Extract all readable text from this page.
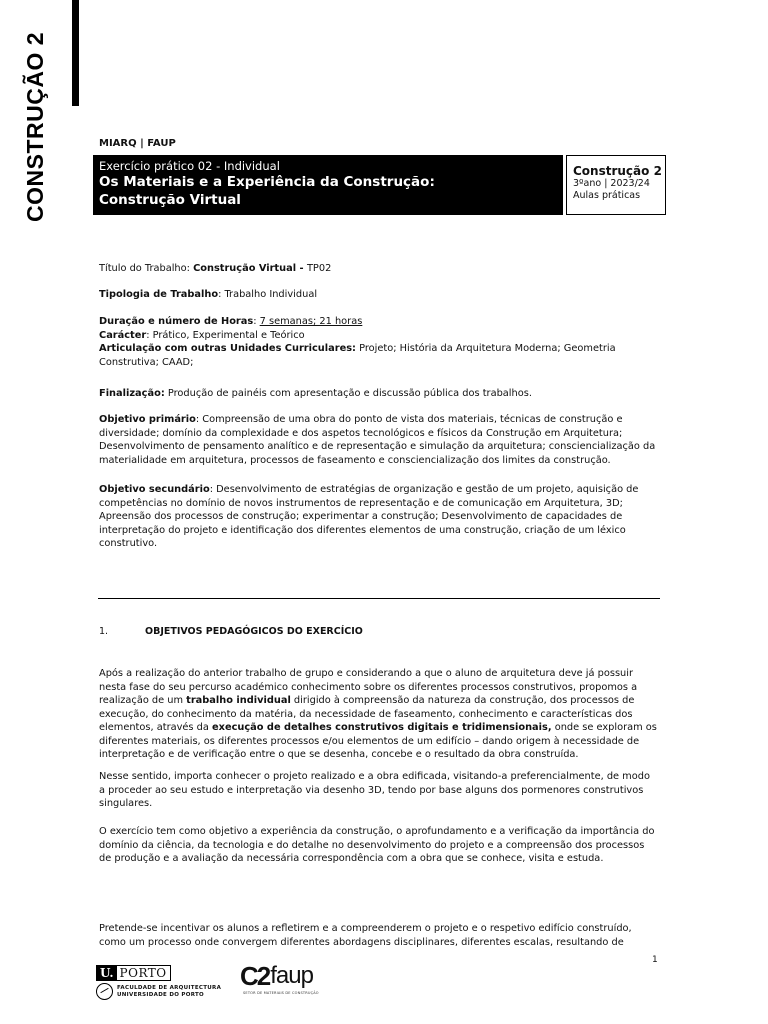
CONSTRUÇÃO 2	MIARQ | FAUP
Exercício prático 02 - Individual
Os Materiais e a Experiência da Construção:
Construção Virtual
Construção 2
3ºano | 2023/24
Aulas práticas
Título do Trabalho: Construção Virtual - TP02
Tipologia de Trabalho: Trabalho Individual
Duração e número de Horas: 7 semanas; 21 horas
Carácter: Prático, Experimental e Teórico
Articulação com outras Unidades Curriculares: Projeto; História da Arquitetura Moderna; Geometria Construtiva; CAAD;
Finalização: Produção de painéis com apresentação e discussão pública dos trabalhos.
Objetivo primário: Compreensão de uma obra do ponto de vista dos materiais, técnicas de construção e diversidade; domínio da complexidade e dos aspetos tecnológicos e físicos da Construção em Arquitetura; Desenvolvimento de pensamento analítico e de representação e simulação da arquitetura; consciencialização da materialidade em arquitetura, processos de faseamento e consciencialização dos limites da construção.
Objetivo secundário: Desenvolvimento de estratégias de organização e gestão de um projeto, aquisição de competências no domínio de novos instrumentos de representação e de comunicação em Arquitetura, 3D; Apreensão dos processos de construção; experimentar a construção; Desenvolvimento de capacidades de interpretação do projeto e identificação dos diferentes elementos de uma construção, criação de um léxico construtivo.
1.	OBJETIVOS PEDAGÓGICOS DO EXERCÍCIO
Após a realização do anterior trabalho de grupo e considerando a que o aluno de arquitetura deve já possuir nesta fase do seu percurso académico conhecimento sobre os diferentes processos construtivos, propomos a realização de um trabalho individual dirigido à compreensão da natureza da construção, dos processos de execução, do conhecimento da matéria, da necessidade de faseamento, conhecimento e características dos elementos, através da execução de detalhes construtivos digitais e tridimensionais, onde se exploram os diferentes materiais, os diferentes processos e/ou elementos de um edifício – dando origem à necessidade de interpretação e de verificação entre o que se desenha, concebe e o resultado da obra construída.
Nesse sentido, importa conhecer o projeto realizado e a obra edificada, visitando-a preferencialmente, de modo a proceder ao seu estudo e interpretação via desenho 3D, tendo por base alguns dos pormenores construtivos singulares.
O exercício tem como objetivo a experiência da construção, o aprofundamento e a verificação da importância do domínio da ciência, da tecnologia e do detalhe no desenvolvimento do projeto e a compreensão dos processos de produção e a avaliação da necessária correspondência com a obra que se conhece, visita e estuda.
Pretende-se incentivar os alunos a refletirem e a compreenderem o projeto e o respetivo edifício construído, como um processo onde convergem diferentes abordagens disciplinares, diferentes escalas, resultando de
1
U. PORTO
FACULDADE DE ARQUITECTURA
UNIVERSIDADE DO PORTO
C2 faup
SETOR DE MATERIAIS DE CONSTRUÇÃO
